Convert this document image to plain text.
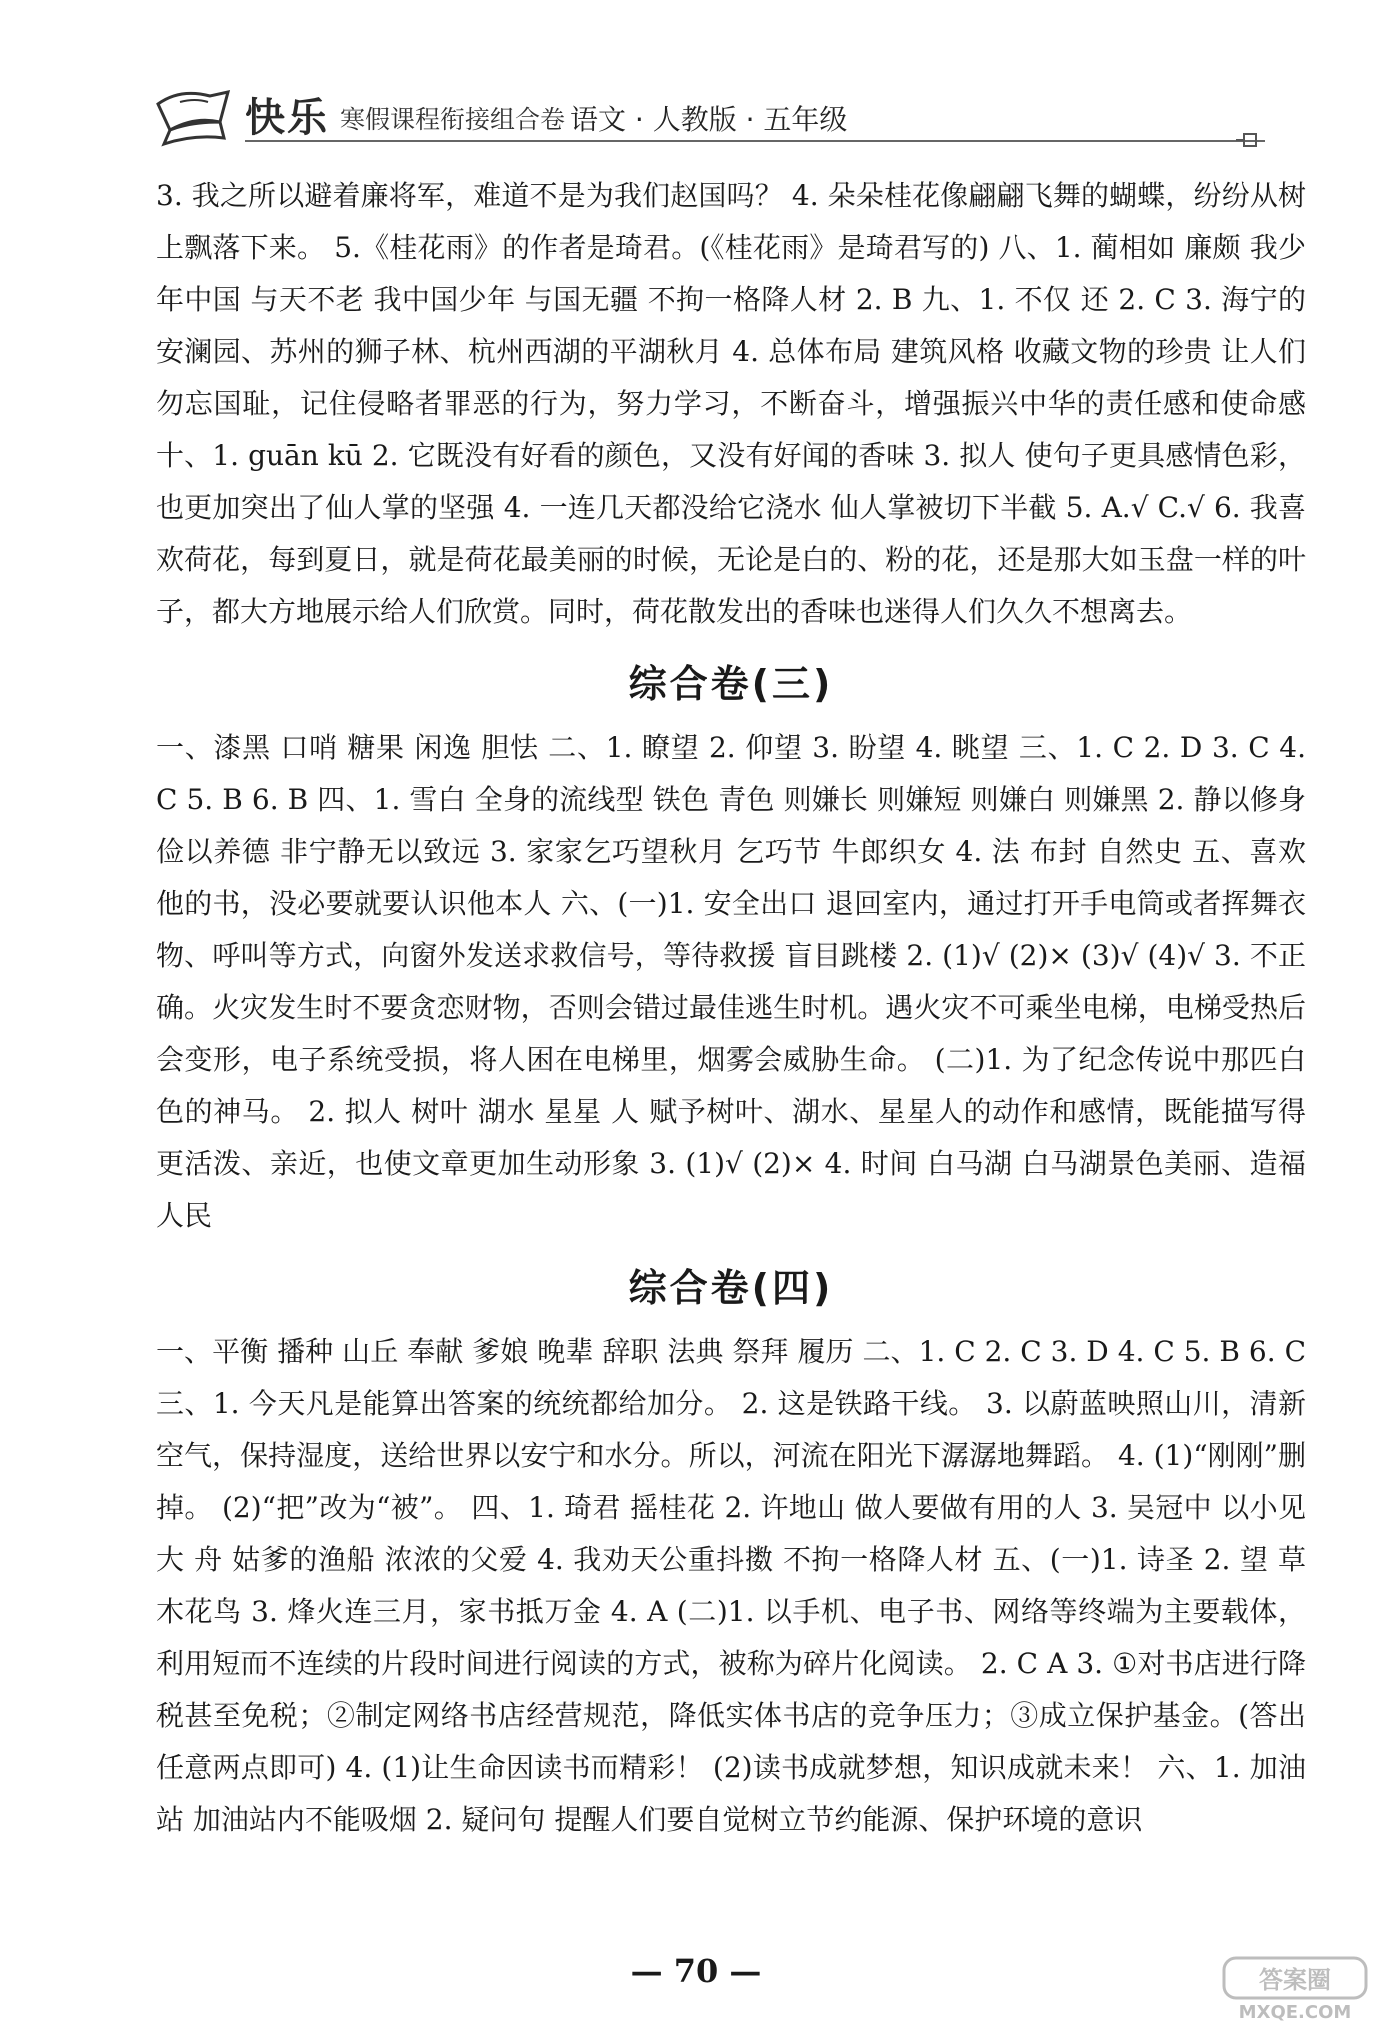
快乐 寒假课程衔接组合卷 语文 · 人教版 · 五年级

3. 我之所以避着廉将军，难道不是为我们赵国吗？ 4. 朵朵桂花像翩翩飞舞的蝴蝶，纷纷从树上飘落下来。 5.《桂花雨》的作者是琦君。(《桂花雨》是琦君写的) 八、1. 蔺相如 廉颇 我少年中国 与天不老 我中国少年 与国无疆 不拘一格降人材 2. B 九、1. 不仅 还 2. C 3. 海宁的安澜园、苏州的狮子林、杭州西湖的平湖秋月 4. 总体布局 建筑风格 收藏文物的珍贵 让人们勿忘国耻，记住侵略者罪恶的行为，努力学习，不断奋斗，增强振兴中华的责任感和使命感 十、1. guān kū 2. 它既没有好看的颜色，又没有好闻的香味 3. 拟人 使句子更具感情色彩，也更加突出了仙人掌的坚强 4. 一连几天都没给它浇水 仙人掌被切下半截 5. A.√ C.√ 6. 我喜欢荷花，每到夏日，就是荷花最美丽的时候，无论是白的、粉的花，还是那大如玉盘一样的叶子，都大方地展示给人们欣赏。同时，荷花散发出的香味也迷得人们久久不想离去。

综合卷(三)

一、漆黑 口哨 糖果 闲逸 胆怯 二、1. 瞭望 2. 仰望 3. 盼望 4. 眺望 三、1. C 2. D 3. C 4. C 5. B 6. B 四、1. 雪白 全身的流线型 铁色 青色 则嫌长 则嫌短 则嫌白 则嫌黑 2. 静以修身 俭以养德 非宁静无以致远 3. 家家乞巧望秋月 乞巧节 牛郎织女 4. 法 布封 自然史 五、喜欢他的书，没必要就要认识他本人 六、(一)1. 安全出口 退回室内，通过打开手电筒或者挥舞衣物、呼叫等方式，向窗外发送求救信号，等待救援 盲目跳楼 2. (1)√ (2)× (3)√ (4)√ 3. 不正确。火灾发生时不要贪恋财物，否则会错过最佳逃生时机。遇火灾不可乘坐电梯，电梯受热后会变形，电子系统受损，将人困在电梯里，烟雾会威胁生命。 (二)1. 为了纪念传说中那匹白色的神马。 2. 拟人 树叶 湖水 星星 人 赋予树叶、湖水、星星人的动作和感情，既能描写得更活泼、亲近，也使文章更加生动形象 3. (1)√ (2)× 4. 时间 白马湖 白马湖景色美丽、造福人民

综合卷(四)

一、平衡 播种 山丘 奉献 爹娘 晚辈 辞职 法典 祭拜 履历 二、1. C 2. C 3. D 4. C 5. B 6. C 三、1. 今天凡是能算出答案的统统都给加分。 2. 这是铁路干线。 3. 以蔚蓝映照山川，清新空气，保持湿度，送给世界以安宁和水分。所以，河流在阳光下潺潺地舞蹈。 4. (1)“刚刚”删掉。 (2)“把”改为“被”。 四、1. 琦君 摇桂花 2. 许地山 做人要做有用的人 3. 吴冠中 以小见大 舟 姑爹的渔船 浓浓的父爱 4. 我劝天公重抖擞 不拘一格降人材 五、(一)1. 诗圣 2. 望 草木花鸟 3. 烽火连三月，家书抵万金 4. A (二)1. 以手机、电子书、网络等终端为主要载体，利用短而不连续的片段时间进行阅读的方式，被称为碎片化阅读。 2. C A 3. ①对书店进行降税甚至免税；②制定网络书店经营规范，降低实体书店的竞争压力；③成立保护基金。(答出任意两点即可) 4. (1)让生命因读书而精彩！ (2)读书成就梦想，知识成就未来！ 六、1. 加油站 加油站内不能吸烟 2. 疑问句 提醒人们要自觉树立节约能源、保护环境的意识

— 70 —	答案圈
MXQE.COM
